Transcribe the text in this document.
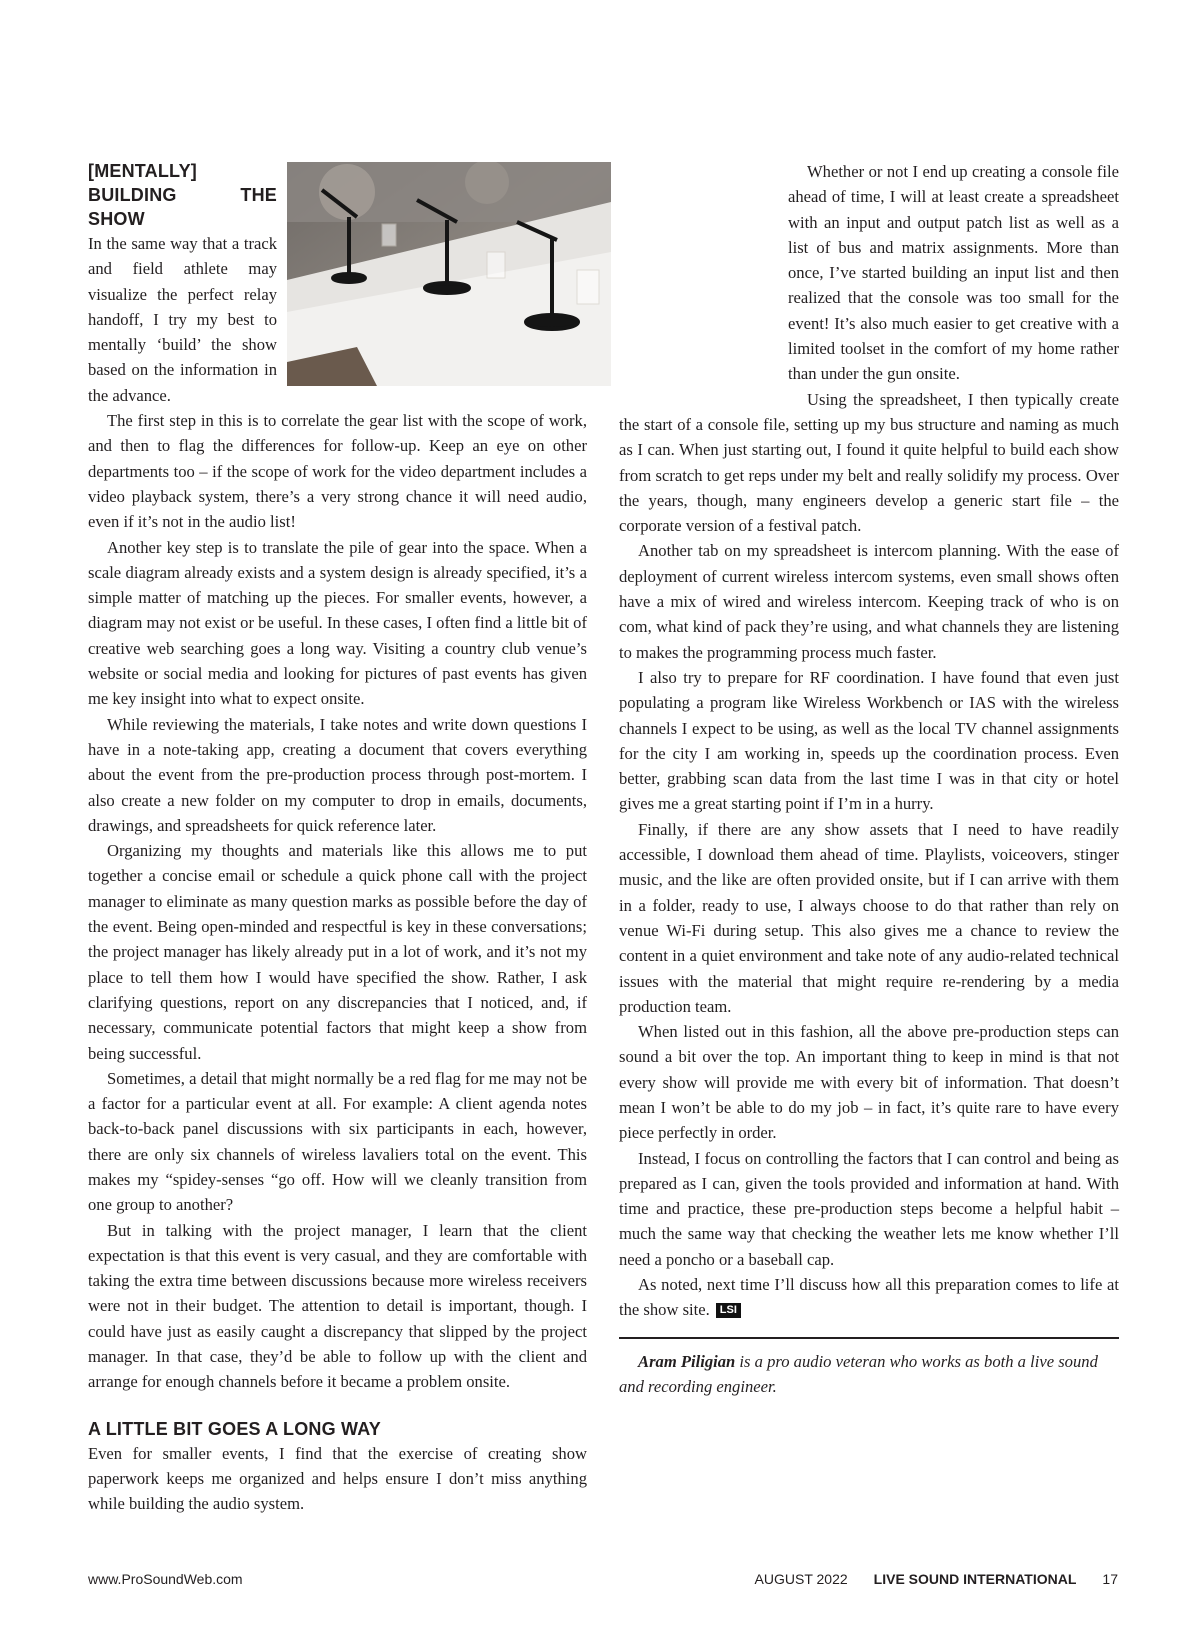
[MENTALLY] BUILDING THE SHOW

In the same way that a track and field athlete may visualize the perfect relay handoff, I try my best to mentally ‘build’ the show based on the information in the advance.

The first step in this is to correlate the gear list with the scope of work, and then to flag the differences for follow-up. Keep an eye on other departments too – if the scope of work for the video department includes a video playback system, there’s a very strong chance it will need audio, even if it’s not in the audio list!

Another key step is to translate the pile of gear into the space. When a scale diagram already exists and a system design is already specified, it’s a simple matter of matching up the pieces. For smaller events, however, a diagram may not exist or be useful. In these cases, I often find a little bit of creative web searching goes a long way. Visiting a country club venue’s website or social media and looking for pictures of past events has given me key insight into what to expect onsite.

While reviewing the materials, I take notes and write down questions I have in a note-taking app, creating a document that covers everything about the event from the pre-production process through post-mortem. I also create a new folder on my computer to drop in emails, documents, drawings, and spreadsheets for quick reference later.

Organizing my thoughts and materials like this allows me to put together a concise email or schedule a quick phone call with the project manager to eliminate as many question marks as possible before the day of the event. Being open-minded and respectful is key in these conversations; the project manager has likely already put in a lot of work, and it’s not my place to tell them how I would have specified the show. Rather, I ask clarifying questions, report on any discrepancies that I noticed, and, if necessary, communicate potential factors that might keep a show from being successful.

Sometimes, a detail that might normally be a red flag for me may not be a factor for a particular event at all. For example: A client agenda notes back-to-back panel discussions with six participants in each, however, there are only six channels of wireless lavaliers total on the event. This makes my “spidey-senses “go off. How will we cleanly transition from one group to another?

But in talking with the project manager, I learn that the client expectation is that this event is very casual, and they are comfortable with taking the extra time between discussions because more wireless receivers were not in their budget. The attention to detail is important, though. I could have just as easily caught a discrepancy that slipped by the project manager. In that case, they’d be able to follow up with the client and arrange for enough channels before it became a problem onsite.

A LITTLE BIT GOES A LONG WAY

Even for smaller events, I find that the exercise of creating show paperwork keeps me organized and helps ensure I don’t miss anything while building the audio system.

Whether or not I end up creating a console file ahead of time, I will at least create a spreadsheet with an input and output patch list as well as a list of bus and matrix assignments. More than once, I’ve started building an input list and then realized that the console was too small for the event! It’s also much easier to get creative with a limited toolset in the comfort of my home rather than under the gun onsite.

Using the spreadsheet, I then typically create the start of a console file, setting up my bus structure and naming as much as I can. When just starting out, I found it quite helpful to build each show from scratch to get reps under my belt and really solidify my process. Over the years, though, many engineers develop a generic start file – the corporate version of a festival patch.

Another tab on my spreadsheet is intercom planning. With the ease of deployment of current wireless intercom systems, even small shows often have a mix of wired and wireless intercom. Keeping track of who is on com, what kind of pack they’re using, and what channels they are listening to makes the programming process much faster.

I also try to prepare for RF coordination. I have found that even just populating a program like Wireless Workbench or IAS with the wireless channels I expect to be using, as well as the local TV channel assignments for the city I am working in, speeds up the coordination process. Even better, grabbing scan data from the last time I was in that city or hotel gives me a great starting point if I’m in a hurry.

Finally, if there are any show assets that I need to have readily accessible, I download them ahead of time. Playlists, voiceovers, stinger music, and the like are often provided onsite, but if I can arrive with them in a folder, ready to use, I always choose to do that rather than rely on venue Wi-Fi during setup. This also gives me a chance to review the content in a quiet environment and take note of any audio-related technical issues with the material that might require re-rendering by a media production team.

When listed out in this fashion, all the above pre-production steps can sound a bit over the top. An important thing to keep in mind is that not every show will provide me with every bit of information. That doesn’t mean I won’t be able to do my job – in fact, it’s quite rare to have every piece perfectly in order.

Instead, I focus on controlling the factors that I can control and being as prepared as I can, given the tools provided and information at hand. With time and practice, these pre-production steps become a helpful habit – much the same way that checking the weather lets me know whether I’ll need a poncho or a baseball cap.

As noted, next time I’ll discuss how all this preparation comes to life at the show site. LSI

Aram Piligian is a pro audio veteran who works as both a live sound and recording engineer.

www.ProSoundWeb.com	AUGUST 2022 LIVE SOUND INTERNATIONAL 17
